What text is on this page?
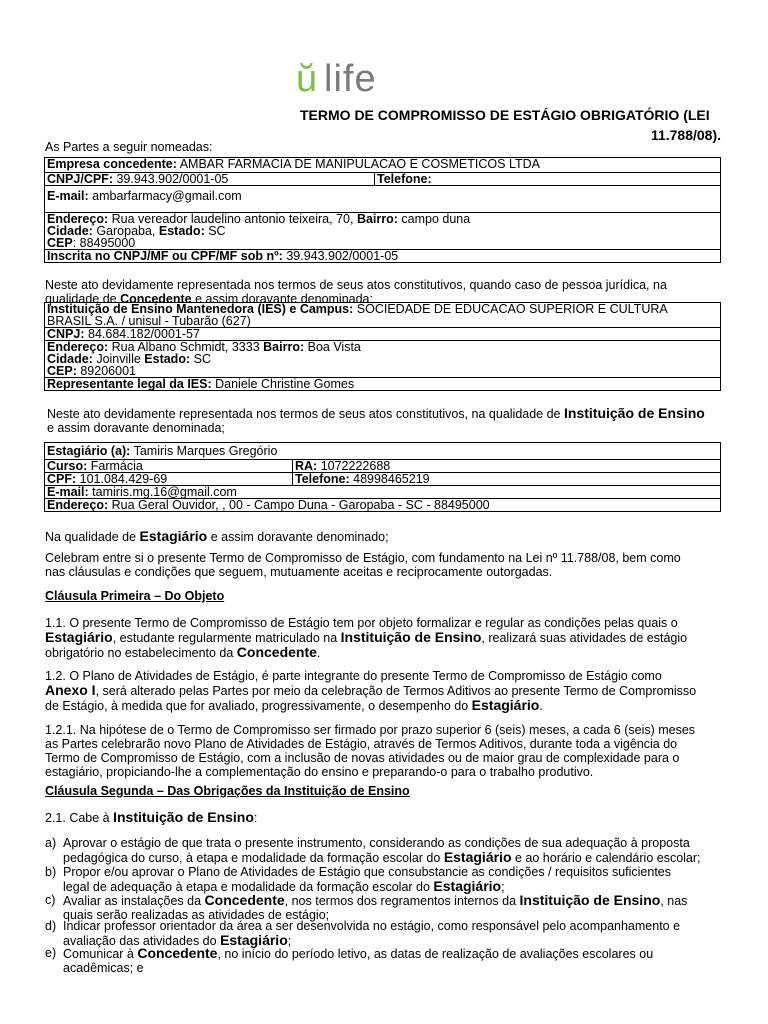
ŭ life
TERMO DE COMPROMISSO DE ESTÁGIO OBRIGATÓRIO (LEI
11.788/08).
As Partes a seguir nomeadas:
Empresa concedente: AMBAR FARMACIA DE MANIPULACAO E COSMETICOS LTDA
CNPJ/CPF: 39.943.902/0001-05	Telefone:
E-mail: ambarfarmacy@gmail.com
Endereço: Rua vereador laudelino antonio teixeira, 70, Bairro: campo duna
Cidade: Garopaba, Estado: SC
CEP: 88495000
Inscrita no CNPJ/MF ou CPF/MF sob nº: 39.943.902/0001-05
Neste ato devidamente representada nos termos de seus atos constitutivos, quando caso de pessoa jurídica, na
qualidade de Concedente e assim doravante denominada:
Instituição de Ensino Mantenedora (IES) e Campus: SOCIEDADE DE EDUCACAO SUPERIOR E CULTURA
BRASIL S.A. / unisul - Tubarão (627)
CNPJ: 84.684.182/0001-57
Endereço: Rua Albano Schmidt, 3333 Bairro: Boa Vista
Cidade: Joinville Estado: SC
CEP: 89206001
Representante legal da IES: Daniele Christine Gomes
Neste ato devidamente representada nos termos de seus atos constitutivos, na qualidade de Instituição de Ensino
e assim doravante denominada;
Estagiário (a): Tamiris Marques Gregório	
Curso: Farmácia	RA: 1072222688
CPF: 101.084.429-69	Telefone: 48998465219
E-mail: tamiris.mg.16@gmail.com	
Endereço: Rua Geral Ouvidor, , 00 - Campo Duna - Garopaba - SC - 88495000	
Na qualidade de Estagiário e assim doravante denominado;
Celebram entre si o presente Termo de Compromisso de Estágio, com fundamento na Lei nº 11.788/08, bem como
nas cláusulas e condições que seguem, mutuamente aceitas e reciprocamente outorgadas.
Cláusula Primeira – Do Objeto
1.1. O presente Termo de Compromisso de Estágio tem por objeto formalizar e regular as condições pelas quais o
Estagiário, estudante regularmente matriculado na Instituição de Ensino, realizará suas atividades de estágio
obrigatório no estabelecimento da Concedente.
1.2. O Plano de Atividades de Estágio, é parte integrante do presente Termo de Compromisso de Estágio como
Anexo I, será alterado pelas Partes por meio da celebração de Termos Aditivos ao presente Termo de Compromisso
de Estágio, à medida que for avaliado, progressivamente, o desempenho do Estagiário.
1.2.1. Na hipótese de o Termo de Compromisso ser firmado por prazo superior 6 (seis) meses, a cada 6 (seis) meses
as Partes celebrarão novo Plano de Atividades de Estágio, através de Termos Aditivos, durante toda a vigência do
Termo de Compromisso de Estágio, com a inclusão de novas atividades ou de maior grau de complexidade para o
estagiário, propiciando-lhe a complementação do ensino e preparando-o para o trabalho produtivo.
Cláusula Segunda – Das Obrigações da Instituição de Ensino
2.1. Cabe à Instituição de Ensino:
a) Aprovar o estágio de que trata o presente instrumento, considerando as condições de sua adequação à proposta
pedagógica do curso, à etapa e modalidade da formação escolar do Estagiário e ao horário e calendário escolar;
b) Propor e/ou aprovar o Plano de Atividades de Estágio que consubstancie as condições / requisitos suficientes
legal de adequação à etapa e modalidade da formação escolar do Estagiário;
c) Avaliar as instalações da Concedente, nos termos dos regramentos internos da Instituição de Ensino, nas
quais serão realizadas as atividades de estágio;
d) Indicar professor orientador da área a ser desenvolvida no estágio, como responsável pelo acompanhamento e
avaliação das atividades do Estagiário;
e) Comunicar à Concedente, no início do período letivo, as datas de realização de avaliações escolares ou
acadêmicas; e
